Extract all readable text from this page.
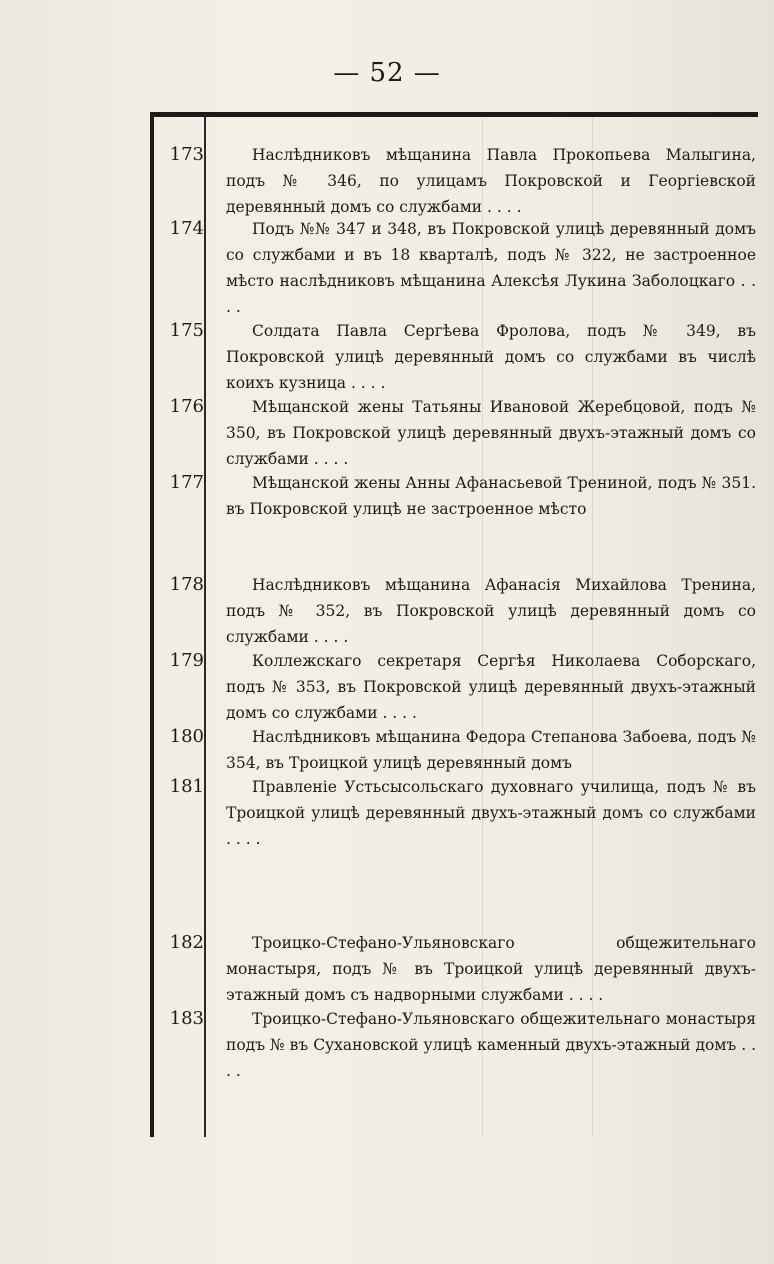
— 52 —
173	Наслѣдниковъ мѣщанина Павла Прокопьева Малыгина, подъ № 346, по улицамъ Покровской и Георгіевской деревянный домъ со службами . . . .
174	Подъ №№ 347 и 348, въ Покровской улицѣ деревянный домъ со службами и въ 18 кварталѣ, подъ № 322, не застроенное мѣсто наслѣдниковъ мѣщанина Алексѣя Лукина Заболоцкаго . . . .
175	Солдата Павла Сергѣева Фролова, подъ № 349, въ Покровской улицѣ деревянный домъ со службами въ числѣ коихъ кузница . . . .
176	Мѣщанской жены Татьяны Ивановой Жеребцовой, подъ № 350, въ Покровской улицѣ деревянный двухъ-этажный домъ со службами . . . .
177	Мѣщанской жены Анны Афанасьевой Трениной, подъ № 351. въ Покровской улицѣ не застроенное мѣсто
178	Наслѣдниковъ мѣщанина Афанасія Михайлова Тренина, подъ № 352, въ Покровской улицѣ деревянный домъ со службами . . . .
179	Коллежскаго секретаря Сергѣя Николаева Соборскаго, подъ № 353, въ Покровской улицѣ деревянный двухъ-этажный домъ со службами . . . .
180	Наслѣдниковъ мѣщанина Федора Степанова Забоева, подъ № 354, въ Троицкой улицѣ деревянный домъ
181	Правленіе Устьсысольскаго духовнаго училища, подъ № въ Троицкой улицѣ деревянный двухъ-этажный домъ со службами . . . .
182	Троицко-Стефано-Ульяновскаго общежительнаго монастыря, подъ № въ Троицкой улицѣ деревянный двухъ-этажный домъ съ надворными службами . . . .
183	Троицко-Стефано-Ульяновскаго общежительнаго монастыря подъ № въ Сухановской улицѣ каменный двухъ-этажный домъ . . . .
